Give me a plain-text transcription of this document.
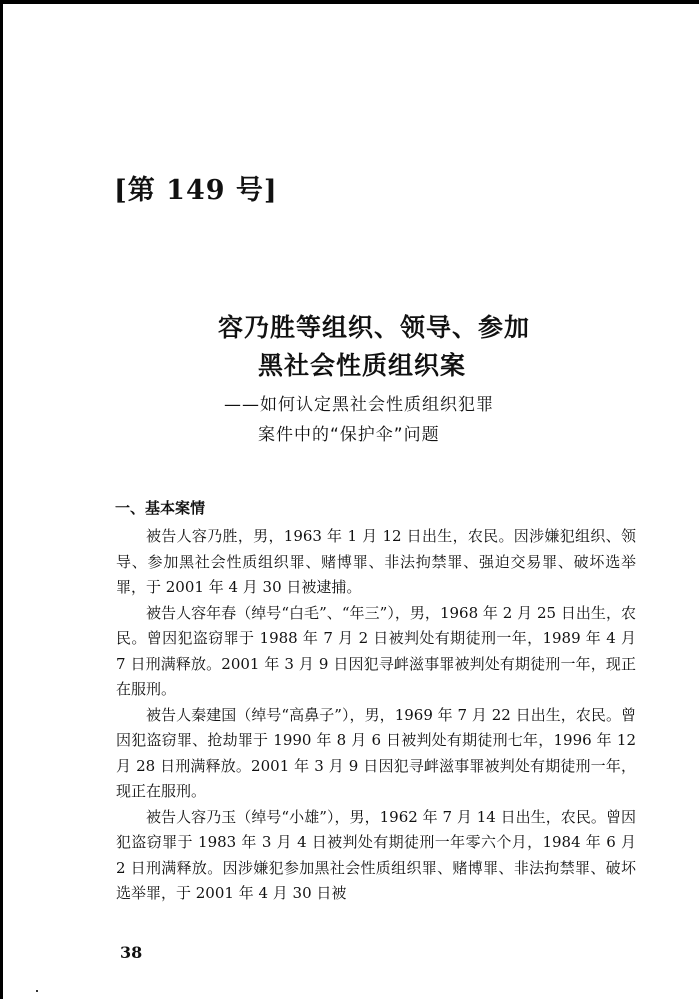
[第 149 号]
容乃胜等组织、领导、参加
黑社会性质组织案
——如何认定黑社会性质组织犯罪
案件中的“保护伞”问题
一、基本案情

被告人容乃胜，男，1963 年 1 月 12 日出生，农民。因涉嫌犯组织、领导、参加黑社会性质组织罪、赌博罪、非法拘禁罪、强迫交易罪、破坏选举罪，于 2001 年 4 月 30 日被逮捕。

被告人容年春（绰号“白毛”、“年三”），男，1968 年 2 月 25 日出生，农民。曾因犯盗窃罪于 1988 年 7 月 2 日被判处有期徒刑一年，1989 年 4 月 7 日刑满释放。2001 年 3 月 9 日因犯寻衅滋事罪被判处有期徒刑一年，现正在服刑。

被告人秦建国（绰号“高鼻子”），男，1969 年 7 月 22 日出生，农民。曾因犯盗窃罪、抢劫罪于 1990 年 8 月 6 日被判处有期徒刑七年，1996 年 12 月 28 日刑满释放。2001 年 3 月 9 日因犯寻衅滋事罪被判处有期徒刑一年，现正在服刑。

被告人容乃玉（绰号“小雄”），男，1962 年 7 月 14 日出生，农民。曾因犯盗窃罪于 1983 年 3 月 4 日被判处有期徒刑一年零六个月，1984 年 6 月 2 日刑满释放。因涉嫌犯参加黑社会性质组织罪、赌博罪、非法拘禁罪、破坏选举罪，于 2001 年 4 月 30 日被

38
